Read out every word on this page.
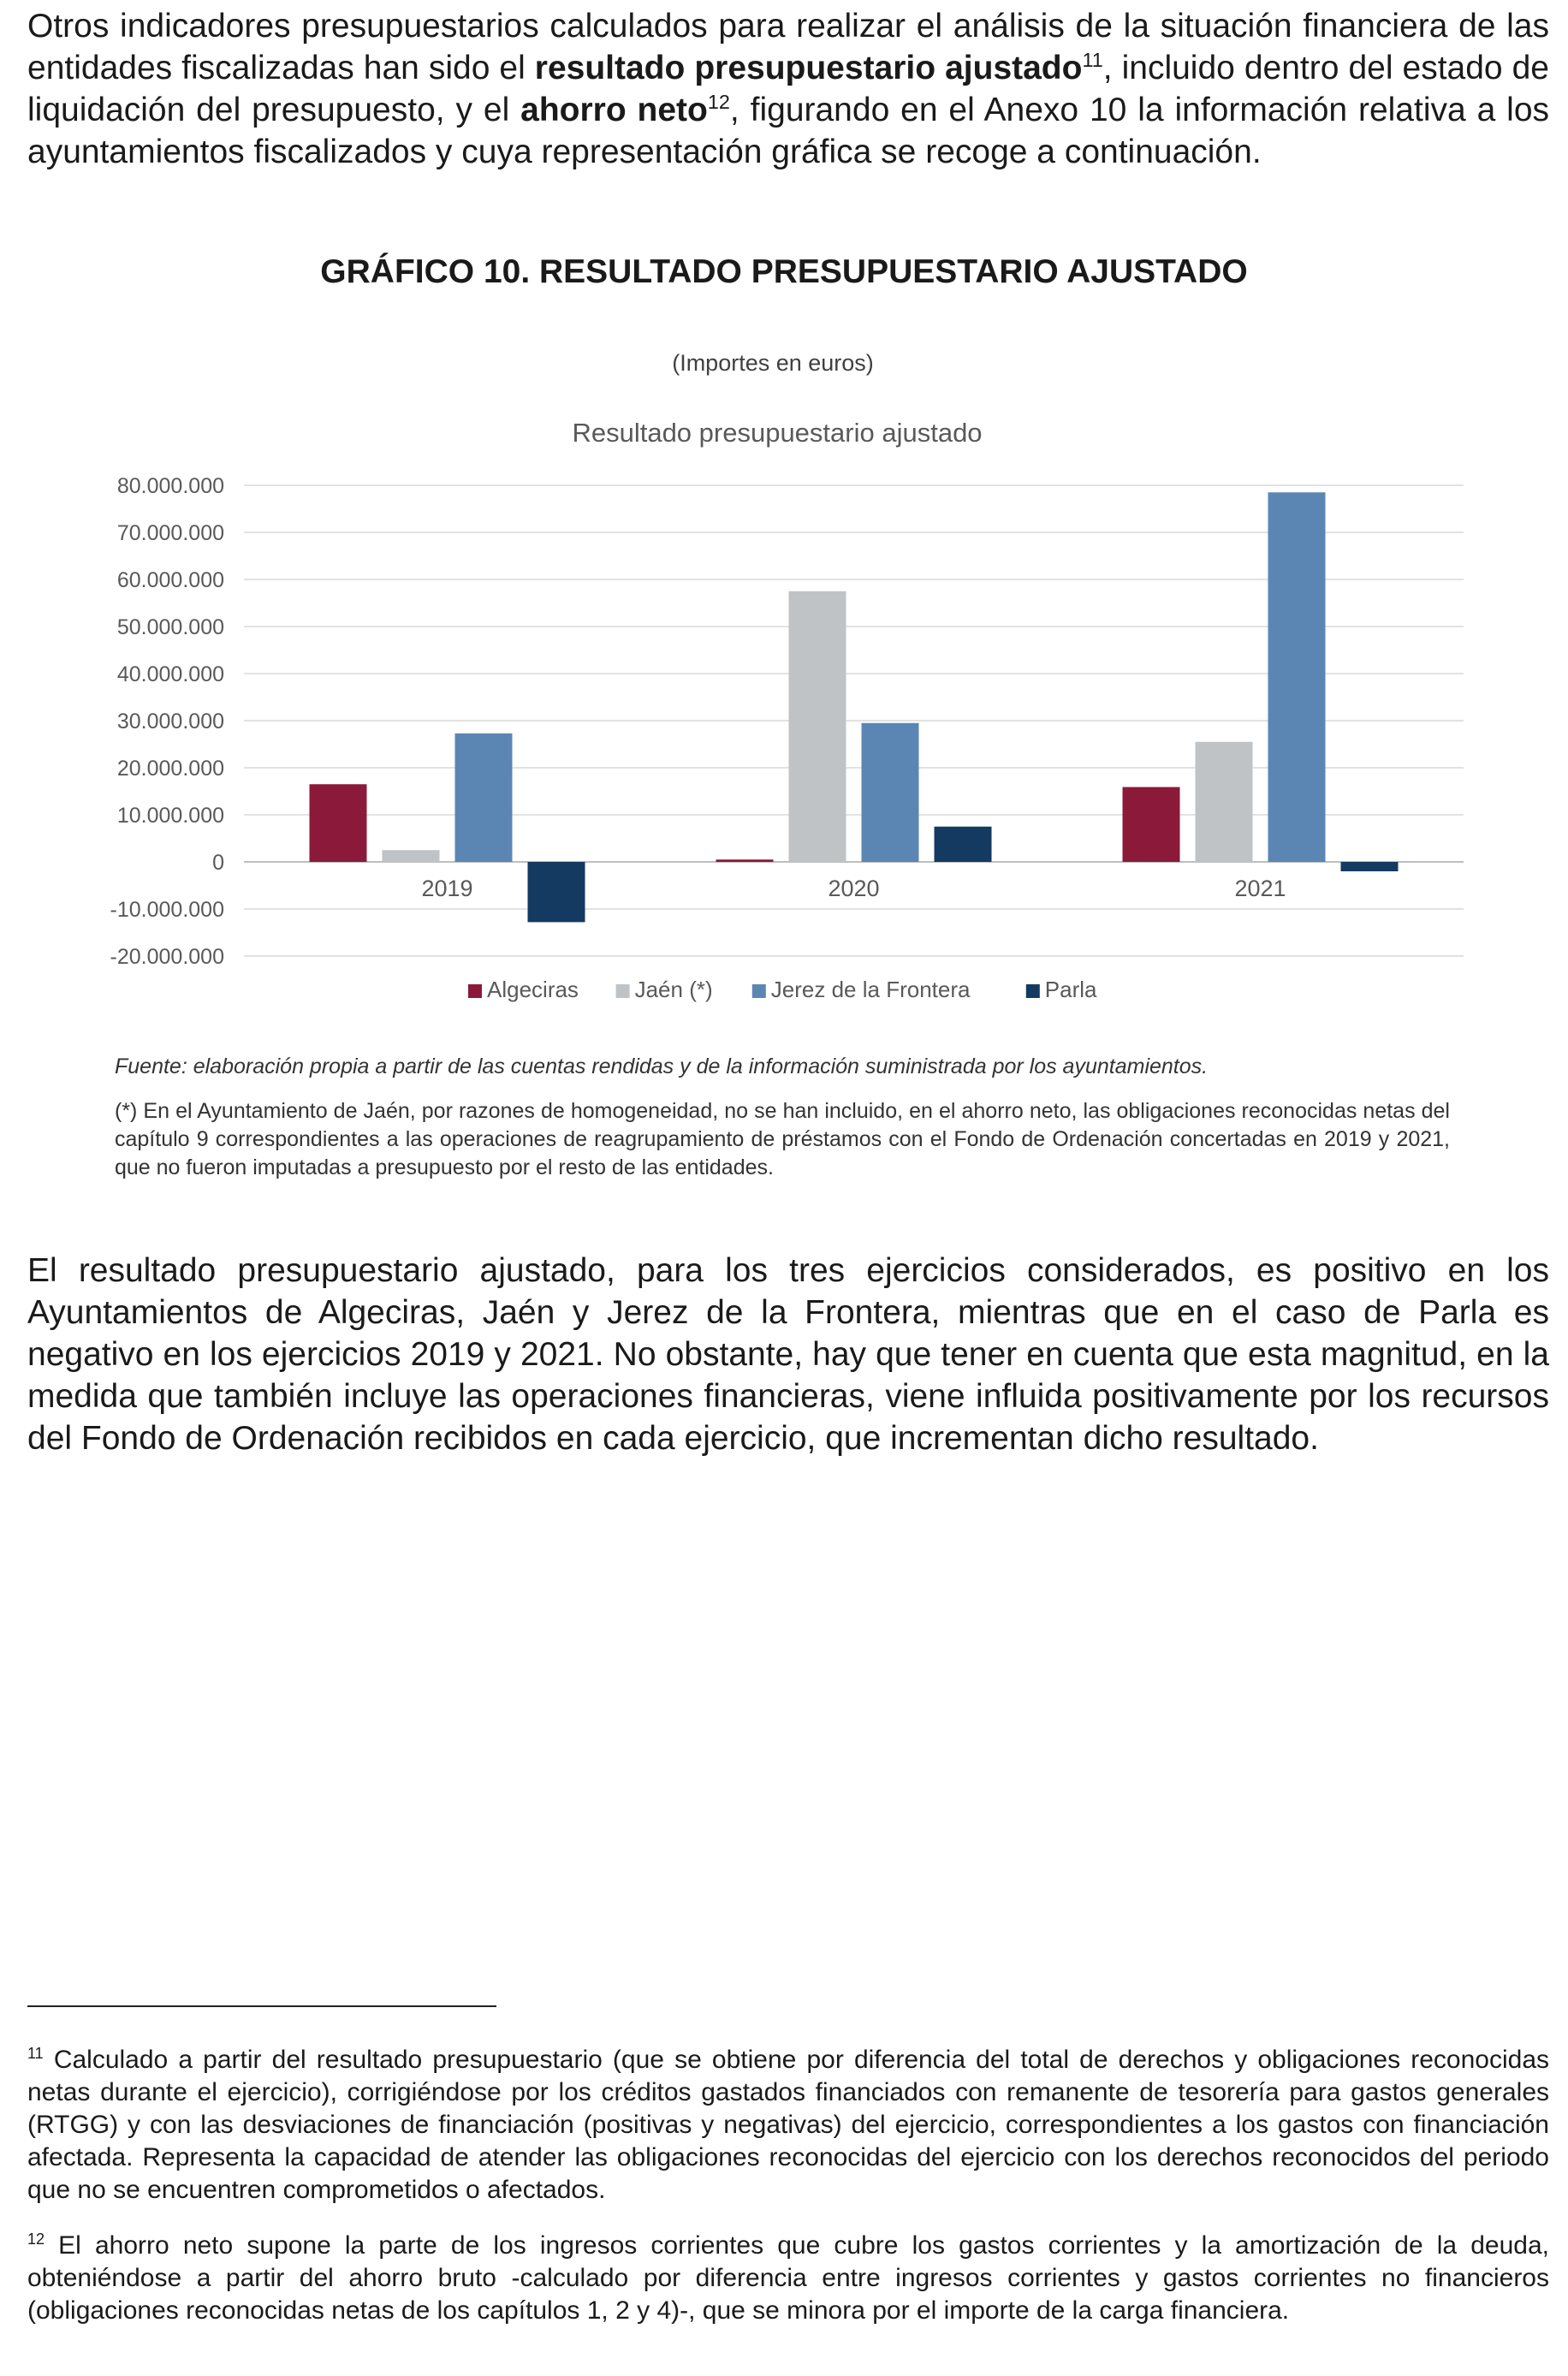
Otros indicadores presupuestarios calculados para realizar el análisis de la situación financiera de las entidades fiscalizadas han sido el resultado presupuestario ajustado$^{11}$, incluido dentro del estado de liquidación del presupuesto, y el ahorro neto$^{12}$, figurando en el Anexo 10 la información relativa a los ayuntamientos fiscalizados y cuya representación gráfica se recoge a continuación.

GRÁFICO 10. RESULTADO PRESUPUESTARIO AJUSTADO
(Importes en euros)
Resultado presupuestario ajustado
80.000.000
70.000.000
60.000.000
50.000.000
40.000.000
30.000.000
20.000.000
10.000.000
0
-10.000.000
-20.000.000
2019	2020	2021
Algeciras	Jaén (*)	Jerez de la Frontera	Parla

Fuente: elaboración propia a partir de las cuentas rendidas y de la información suministrada por los ayuntamientos.

(*) En el Ayuntamiento de Jaén, por razones de homogeneidad, no se han incluido, en el ahorro neto, las obligaciones reconocidas netas del capítulo 9 correspondientes a las operaciones de reagrupamiento de préstamos con el Fondo de Ordenación concertadas en 2019 y 2021, que no fueron imputadas a presupuesto por el resto de las entidades.

El resultado presupuestario ajustado, para los tres ejercicios considerados, es positivo en los Ayuntamientos de Algeciras, Jaén y Jerez de la Frontera, mientras que en el caso de Parla es negativo en los ejercicios 2019 y 2021. No obstante, hay que tener en cuenta que esta magnitud, en la medida que también incluye las operaciones financieras, viene influida positivamente por los recursos del Fondo de Ordenación recibidos en cada ejercicio, que incrementan dicho resultado.

$^{11}$ Calculado a partir del resultado presupuestario (que se obtiene por diferencia del total de derechos y obligaciones reconocidas netas durante el ejercicio), corrigiéndose por los créditos gastados financiados con remanente de tesorería para gastos generales (RTGG) y con las desviaciones de financiación (positivas y negativas) del ejercicio, correspondientes a los gastos con financiación afectada. Representa la capacidad de atender las obligaciones reconocidas del ejercicio con los derechos reconocidos del periodo que no se encuentren comprometidos o afectados.

$^{12}$ El ahorro neto supone la parte de los ingresos corrientes que cubre los gastos corrientes y la amortización de la deuda, obteniéndose a partir del ahorro bruto -calculado por diferencia entre ingresos corrientes y gastos corrientes no financieros (obligaciones reconocidas netas de los capítulos 1, 2 y 4)-, que se minora por el importe de la carga financiera.
